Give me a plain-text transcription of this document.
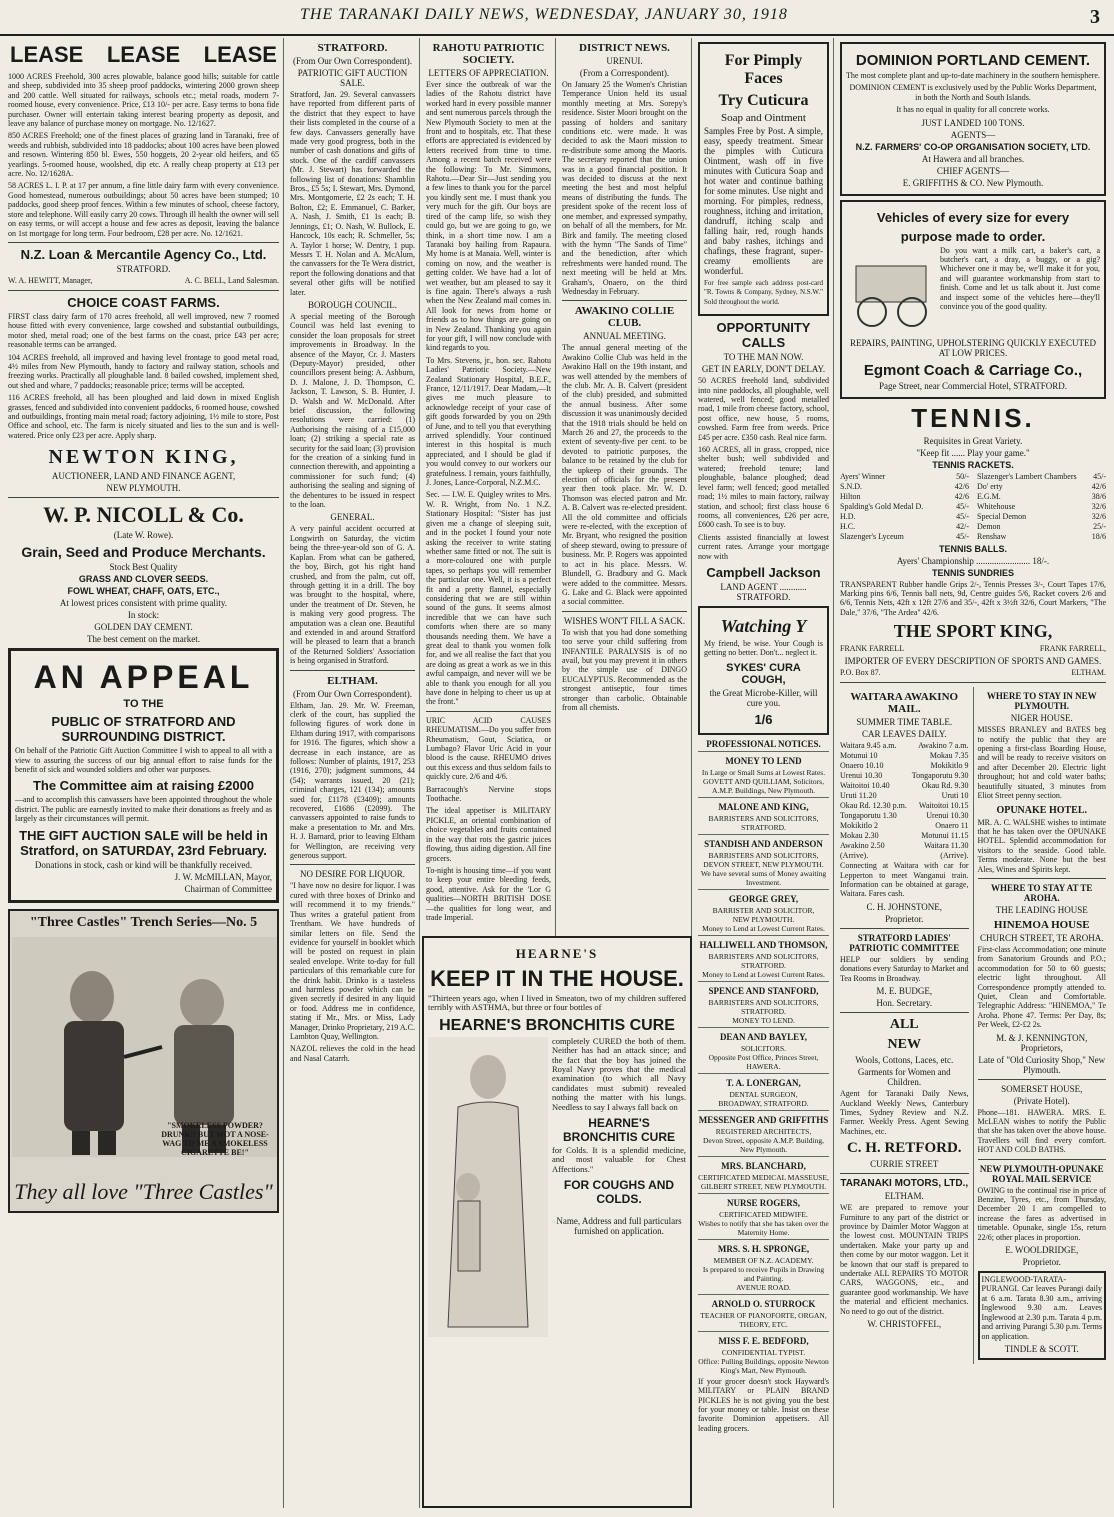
THE TARANAKI DAILY NEWS, WEDNESDAY, JANUARY 30, 1918	3
LEASE LEASE LEASE

1000 ACRES Freehold, 300 acres plowable, balance good hills; suitable for cattle and sheep, subdivided into 35 sheep proof paddocks, wintering 2000 grown sheep and 200 cattle. Well situated for railways, schools etc.; metal roads, modern 7-roomed house, every convenience. Price, £13 10/- per acre. Easy terms to bona fide purchaser. Owner will entertain taking interest bearing property as deposit, and leave any balance of purchase money on mortgage. No. 12/1627.

850 ACRES Freehold; one of the finest places of grazing land in Taranaki, free of weeds and rubbish, subdivided into 18 paddocks; about 100 acres have been plowed and resown. Wintering 850 bl. Ewes, 550 hoggets, 20 2-year old heifers, and 65 yearlings. 5-roomed house, woolshed, dip etc. A really cheap property at £13 per acre. No. 12/1628A.

58 ACRES L. I. P. at 17 per annum, a fine little dairy farm with every convenience. Good homestead, numerous outbuildings; about 50 acres have been stumped; 10 paddocks, good sheep proof fences. Within a few minutes of school, cheese factory, store and telephone. Will easily carry 20 cows. Through ill health the owner will sell on easy terms, or will accept a house and few acres as deposit, leaving the balance on 1st mortgage for long term. Four bedroom, £28 per acre. No. 12/1621.

N.Z. Loan & Mercantile Agency Co., Ltd.
STRATFORD.
W. A. HEWITT, Manager,	A. C. BELL, Land Salesman.
CHOICE COAST FARMS.

FIRST class dairy farm of 170 acres freehold, all well improved, new 7 roomed house fitted with every convenience, large cowshed and substantial outbuildings, motor shed, metal road; one of the best farms on the coast, price £43 per acre; reasonable terms can be arranged.

104 ACRES freehold, all improved and having level frontage to good metal road, 4½ miles from New Plymouth, handy to factory and railway station, schools and freezing works. Practically all ploughable land. 8 bailed cowshed, implement shed, out shed and whare, 7 paddocks; reasonable price; terms will be accepted.

116 ACRES freehold, all has been ploughed and laid down in mixed English grasses, fenced and subdivided into convenient paddocks, 6 roomed house, cowshed and outbuildings, fronting main metal road; factory adjoining, 1½ mile to store, Post Office and school, etc. The farm is nicely situated and lies to the sun and is well-watered. Price only £23 per acre. Apply sharp.

NEWTON KING,
AUCTIONEER, LAND AND FINANCE AGENT,
NEW PLYMOUTH.
W. P. NICOLL & Co.
(Late W. Rowe).
Grain, Seed and Produce Merchants.
Stock Best Quality
GRASS AND CLOVER SEEDS.
FOWL WHEAT, CHAFF, OATS, ETC.,
At lowest prices consistent with prime quality.
In stock:
GOLDEN DAY CEMENT.
The best cement on the market.
AN APPEAL
TO THE
PUBLIC OF STRATFORD AND SURROUNDING DISTRICT.

On behalf of the Patriotic Gift Auction Committee I wish to appeal to all with a view to assuring the success of our big annual effort to raise funds for the benefit of sick and wounded soldiers and other war purposes.

The Committee aim at raising £2000

—and to accomplish this canvassers have been appointed throughout the whole district. The public are earnestly invited to make their donations as freely and as largely as their circumstances will permit.

THE GIFT AUCTION SALE will be held in Stratford, on SATURDAY, 23rd February.
Donations in stock, cash or kind will be thankfully received.
J. W. McMILLAN, Mayor,
Chairman of Committee
"Three Castles" Trench Series—No. 5
"SMOKELESS POWDER? DRUNK!! BUT WOT A NOSE-WAG TO ME A SMOKELESS CIGARETTE BE!"
They all love "Three Castles"
STRATFORD.
(From Our Own Correspondent).
PATRIOTIC GIFT AUCTION SALE.

Stratford, Jan. 29. Several canvassers have reported from different parts of the district that they expect to have their lists completed in the course of a few days. Canvassers generally have made very good progress, both in the number of cash donations and gifts of stock. One of the cardiff canvassers (Mr. J. Stewart) has forwarded the following list of donations: Shamblin Bros., £5 5s; I. Stewart, Mrs. Dymond, Mrs. Montgomerie, £2 2s each; T. H. Bolton, £2; E. Emmanuel, C. Barker, A. Nash, J. Smith, £1 1s each; B. Jennings, £1; O. Nash, W. Bullock, E. Hancock, 10s each; R. Schmeller, 5s; A. Taylor 1 horse; W. Dentry, 1 pup. Messrs T. H. Nolan and A. McAlum, the canvassers for the Te Wera district, report the following donations and that several other gifts will be notified later.

BOROUGH COUNCIL.

A special meeting of the Borough Council was held last evening to consider the loan proposals for street improvements in Broadway. In the absence of the Mayor, Cr. J. Masters (Deputy-Mayor) presided, other councillors present being: A. Ashburn, D. J. Malone, J. D. Thompson, C. Jackson, T. Lawson, S. B. Hunter, J. D. Walsh and W. McDonald. After brief discussion, the following resolutions were carried: (1) Authorising the raising of a £15,000 loan; (2) striking a special rate as security for the said loan; (3) provision for the creation of a sinking fund in connection therewith, and appointing a commissioner for such fund; (4) authorising the sealing and signing of the debentures to be issued in respect to the loan.

GENERAL.

A very painful accident occurred at Longwirth on Saturday, the victim being the three-year-old son of G. A. Kaplan. From what can be gathered, the boy, Birch, got his right hand crushed, and from the palm, cut off, through getting it in a drill. The boy was brought to the hospital, where, under the treatment of Dr. Steven, he is making very good progress. The amputation was a clean one. Beautiful and extended in and around Stratford will be pleased to learn that a branch of the Returned Soldiers' Association is being organised in Stratford.

ELTHAM.
(From Our Own Correspondent).

Eltham, Jan. 29. Mr. W. Freeman, clerk of the court, has supplied the following figures of work done in Eltham during 1917, with comparisons for 1916. The figures, which show a decrease in each instance, are as follows: Number of plaints, 1917, 253 (1916, 270); judgment summons, 44 (54); warrants issued, 20 (21); criminal charges, 121 (134); amounts sued for, £1178 (£3409); amounts recovered, £1686 (£2099). The canvassers appointed to raise funds to make a presentation to Mr. and Mrs. H. J. Barnard, prior to leaving Eltham for Wellington, are receiving very generous support.

NO DESIRE FOR LIQUOR.

"I have now no desire for liquor. I was cured with three boxes of Drinko and will recommend it to my friends." Thus writes a grateful patient from Trentham. We have hundreds of similar letters on file. Send the evidence for yourself in booklet which will be posted on request in plain sealed envelope. Write to-day for full particulars of this remarkable cure for the drink habit. Drinko is a tasteless and harmless powder which can be given secretly if desired in any liquid or food. Address me in confidence, stating if Mr., Mrs. or Miss, Lady Manager, Drinko Proprietary, 219 A.C. Lambton Quay, Wellington.

NAZOL relieves the cold in the head and Nasal Catarrh.

RAHOTU PATRIOTIC SOCIETY.
LETTERS OF APPRECIATION.

Ever since the outbreak of war the ladies of the Rahotu district have worked hard in every possible manner and sent numerous parcels through the New Plymouth Society to men at the front and to hospitals, etc. That these efforts are appreciated is evidenced by letters received from time to time. Among a recent batch received were the following: To Mr. Simmons, Rahotu.—Dear Sir—Just sending you a few lines to thank you for the parcel you kindly sent me. I must thank you very much for the gift. Our boys are tired of the camp life, so wish they could go, but we are going to go, we think, in a short time now. I am a Taranaki boy hailing from Rapaura. My home is at Manaia. Well, winter is coming on now, and the weather is getting colder. We have had a lot of wet weather, but am pleased to say it is fine again. There's always a rush when the New Zealand mail comes in. All look for news from home or friends as to how things are going on in New Zealand. Thanking you again for your gift, I will now conclude with kind regards to you.

To Mrs. Stevens, jr., hon. sec. Rahotu Ladies' Patriotic Society.—New Zealand Stationary Hospital, B.E.F., France, 12/11/1917. Dear Madam,—It gives me much pleasure to acknowledge receipt of your case of gift goods forwarded by you on 29th of June, and to tell you that everything arrived splendidly. Your continued interest in this hospital is much appreciated, and I should be glad if you would convey to our workers our gratefulness. I remain, yours faithfully, J. Jones, Lance-Corporal, N.Z.M.C.

Sec. — I.W. E. Quigley writes to Mrs. W. R. Wright, from No. 1 N.Z. Stationary Hospital: "Sister has just given me a change of sleeping suit, and in the pocket I found your note asking the receiver to write stating whether same fitted or not. The suit is a more-coloured one with purple tapes, so perhaps you will remember the particular one. Well, it is a perfect fit and a pretty flannel, especially considering that we are still within sound of the guns. It seems almost incredible that we can have such comforts when there are so many thousands needing them. We have a great deal to thank you women folk for, and we all realise the fact that you are doing as great a work as we in this awful campaign, and never will we be able to thank you enough for all you have done in helping to cheer us up at the front."

URIC ACID CAUSES RHEUMATISM.—Do you suffer from Rheumatism, Gout, Sciatica, or Lumbago? Flavor Uric Acid in your blood is the cause. RHEUMO drives out this excess and thus seldom fails to quickly cure. 2/6 and 4/6.

Barracough's Nervine stops Toothache.

The ideal appetiser is MILITARY PICKLE, an oriental combination of choice vegetables and fruits contained in the way that rots the gastric juices flowing, thus aiding digestion. All fine grocers.

To-night is housing time—if you want to keep your entire bleeding feeds, good, attentive. Ask for the 'Lor G qualities—NORTH BRITISH DOSE—the qualities for long wear, and trade Imperial.

DISTRICT NEWS.
URENUI.
(From a Correspondent).

On January 25 the Women's Christian Temperance Union held its usual monthly meeting at Mrs. Sorepy's residence. Sister Moori brought on the passing of holders and sanitary conditions etc. were made. It was decided to ask the Maori mission to re-distribute some among the Maoris. The secretary reported that the union was in a good financial position. It was decided to discuss at the next meeting the best and most helpful means of distributing the funds. The president spoke of the recent loss of one member, and expressed sympathy, on behalf of all the members, for Mr. Birk and family. The meeting closed with the hymn "The Sands of Time" and the benediction, after which refreshments were handed round. The next meeting will be held at Mrs. Graham's, Onaero, on the third Wednesday in February.

AWAKINO COLLIE CLUB.
ANNUAL MEETING.

The annual general meeting of the Awakino Collie Club was held in the Awakino Hall on the 19th instant, and was well attended by the members of the club. Mr. A. B. Calvert (president of the club) presided, and submitted the annual business. After some discussion it was unanimously decided that the 1918 trials should be held on March 26 and 27, the proceeds to the extent of seventy-five per cent. to be devoted to patriotic purposes, the balance to be retained by the club for the upkeep of their grounds. The election of officials for the present year then took place. Mr. W. D. Thomson was elected patron and Mr. A. B. Calvert was re-elected president. All the old committee and officials were re-elected, with the exception of Mr. Bryant, who resigned the position of sheep steward, owing to pressure of business. Mr. P. Rogers was appointed to act in his place. Messrs. W. Blundell, G. Bradbury and G. Mack were added to the committee. Messrs. G. Lake and G. Black were appointed a social committee.

WISHES WON'T FILL A SACK.

To wish that you had done something too serve your child suffering from INFANTILE PARALYSIS is of no avail, but you may prevent it in others by the simple use of DINGO EUCALYPTUS. Recommended as the strongest antiseptic, four times stronger than carbolic. Obtainable from all chemists.

HEARNE'S
KEEP IT IN THE HOUSE.

"Thirteen years ago, when I lived in Smeaton, two of my children suffered terribly with ASTHMA, but three or four bottles of

HEARNE'S BRONCHITIS CURE

completely CURED the both of them. Neither has had an attack since; and the fact that the boy has joined the Royal Navy proves that the medical examination (to which all Navy candidates must submit) revealed nothing the matter with his lungs. Needless to say I always fall back on

HEARNE'S BRONCHITIS CURE

for Colds. It is a splendid medicine, and most valuable for Chest Affections."

FOR COUGHS AND COLDS.
Name, Address and full particulars furnished on application.
For Pimply Faces
Try Cuticura
Soap and Ointment

Samples Free by Post. A simple, easy, speedy treatment. Smear the pimples with Cuticura Ointment, wash off in five minutes with Cuticura Soap and hot water and continue bathing for some minutes. Use night and morning. For pimples, redness, roughness, itching and irritation, dandruff, itching scalp and falling hair, red, rough hands and baby rashes, itchings and chafings, these fragrant, super-creamy emollients are wonderful.

For free sample each address post-card "R. Towns & Company, Sydney, N.S.W." Sold throughout the world.

OPPORTUNITY CALLS
TO THE MAN NOW.
GET IN EARLY, DON'T DELAY.

50 ACRES freehold land, subdivided into nine paddocks, all ploughable, well watered, well fenced; good metalled road, 1 mile from cheese factory, school, post office, new house, 5 rooms, cowshed. Farm free from weeds. Price £45 per acre. £350 cash. Real nice farm.

160 ACRES, all in grass, cropped, nice shelter bush; well subdivided and watered; freehold tenure; land ploughable, balance ploughed; dead level farm; well fenced; good metalled road; 1½ miles to main factory, railway station, and school; first class house 6 rooms, all conveniences, £26 per acre, £600 cash. To see is to buy.

Clients assisted financially at lowest current rates. Arrange your mortgage now with

Campbell Jackson
LAND AGENT ............ STRATFORD.
Watching Y

My friend, be wise. Your Cough is getting no better. Don't... neglect it.

SYKES' CURA COUGH,
the Great Microbe-Killer, will cure you.
1/6
PROFESSIONAL NOTICES.
MONEY TO LEND
In Large or Small Sums at Lowest Rates.
GOVETT AND QUILLIAM, Solicitors,
A.M.P. Buildings, New Plymouth.
MALONE AND KING,
BARRISTERS AND SOLICITORS,
STRATFORD.
STANDISH AND ANDERSON
BARRISTERS AND SOLICITORS,
DEVON STREET, NEW PLYMOUTH.
We have several sums of Money awaiting Investment.
GEORGE GREY,
BARRISTER AND SOLICITOR,
NEW PLYMOUTH.
Money to Lend at Lowest Current Rates.
HALLIWELL AND THOMSON,
BARRISTERS AND SOLICITORS,
STRATFORD.
Money to Lend at Lowest Current Rates.
SPENCE AND STANFORD,
BARRISTERS AND SOLICITORS,
STRATFORD.
MONEY TO LEND.
DEAN AND BAYLEY,
SOLICITORS.
Opposite Post Office, Princes Street, HAWERA.
T. A. LONERGAN,
DENTAL SURGEON,
BROADWAY, STRATFORD.
MESSENGER AND GRIFFITHS
REGISTERED ARCHITECTS,
Devon Street, opposite A.M.P. Building, New Plymouth.
MRS. BLANCHARD,
CERTIFICATED MEDICAL MASSEUSE,
GILBERT STREET, NEW PLYMOUTH.
NURSE ROGERS,
CERTIFICATED MIDWIFE.
Wishes to notify that she has taken over the Maternity Home.
MRS. S. H. SPRONGE,
MEMBER OF N.Z. ACADEMY.
Is prepared to receive Pupils in Drawing and Painting.
AVENUE ROAD.
ARNOLD O. STURROCK
TEACHER OF PIANOFORTE, ORGAN, THEORY, ETC.
MISS F. E. BEDFORD,
CONFIDENTIAL TYPIST.
Office: Pulling Buildings, opposite Newton King's Mart, New Plymouth.

If your grocer doesn't stock Hayward's MILITARY or PLAIN BRAND PICKLES he is not giving you the best for your money or table. Insist on these favorite Dominion appetisers. All leading grocers.

DOMINION PORTLAND CEMENT.

The most complete plant and up-to-date machinery in the southern hemisphere.

DOMINION CEMENT is exclusively used by the Public Works Department, in both the North and South Islands.

It has no equal in quality for all concrete works.

JUST LANDED 100 TONS.
AGENTS—
N.Z. FARMERS' CO-OP ORGANISATION SOCIETY, LTD.
At Hawera and all branches.
CHIEF AGENTS—
E. GRIFFITHS & CO. New Plymouth.
Vehicles of every size for every
purpose made to order.

Do you want a milk cart, a baker's cart, a butcher's cart, a dray, a buggy, or a gig? Whichever one it may be, we'll make it for you, and will guarantee workmanship from start to finish. Come and let us talk about it. Just come and inspect some of the vehicles here—they'll convince you of the good quality.

REPAIRS, PAINTING, UPHOLSTERING QUICKLY EXECUTED AT LOW PRICES.
Egmont Coach & Carriage Co.,
Page Street, near Commercial Hotel, STRATFORD.
TENNIS.
Requisites in Great Variety.
"Keep fit ...... Play your game."
TENNIS RACKETS.
Ayers' Winner	50/-
S.N.D.	42/6
Hilton	42/6
Spalding's Gold Medal D.	45/-
H.D.	45/-
H.C.	42/-
Slazenger's Lyceum	45/-
Slazenger's Lambert Chambers 45/-
Do' erty	42/6
E.G.M.	38/6
Whitehouse	32/6
Special Demon	32/6
Demon	25/-
Renshaw	18/6
TENNIS BALLS.
Ayers' Championship ........................ 18/-.
TENNIS SUNDRIES

TRANSPARENT Rubber handle Grips 2/-, Tennis Presses 3/-, Court Tapes 17/6, Marking pins 6/6, Tennis ball nets, 9d, Centre guides 5/6, Racket covers 2/6 and 6/6, Tennis Nets, 42ft x 12ft 27/6 and 35/-, 42ft x 3½ft 32/6, Court Markers, "The Dale," 37/6, "The Ardea" 42/6.

THE SPORT KING,
FRANK FARRELL	FRANK FARRELL,
IMPORTER OF EVERY DESCRIPTION OF SPORTS AND GAMES.
P.O. Box 87.	ELTHAM.
WAITARA AWAKINO MAIL.
SUMMER TIME TABLE.
CAR LEAVES DAILY.
Waitara 9.45 a.m.	Awakino 7 a.m.
Motunui 10	Mokau 7.35
Onaero 10.10	Mokikitlo 9
Urenui 10.30	Tongaporutu 9.30
Waitoitoi 10.40	Okau Rd. 9.30
Uruti 11.20	Uruti 10
Okau Rd. 12.30 p.m. Waitoitoi 10.15
Tongaporutu 1.30	Urenui 10.30
Mokikitlo 2	Onaero 11
Mokau 2.30	Motunui 11.15
Awakino 2.50	Waitara 11.30
(Arrive).	(Arrive).

Connecting at Waitara with car for Lepperton to meet Wanganui train. Information can be obtained at garage, Waitara. Fares cash.

C. H. JOHNSTONE,
Proprietor.
STRATFORD LADIES' PATRIOTIC COMMITTEE

HELP our soldiers by sending donations every Saturday to Market and Tea Rooms in Broadway.

M. E. BUDGE,
Hon. Secretary.
ALL
NEW
Wools, Cottons, Laces, etc.
Garments for Women and Children.

Agent for Taranaki Daily News, Auckland Weekly News, Canterbury Times, Sydney Review and N.Z. Farmer. Weekly Press. Agent Sewing Machines, etc.

C. H. RETFORD.
CURRIE STREET
TARANAKI MOTORS, LTD.,
ELTHAM.

WE are prepared to remove your Furniture to any part of the district or province by Daimler Motor Waggon at the lowest cost. MOUNTAIN TRIPS undertaken. Make your party up and then come by our motor waggon. Let it be known that our staff is prepared to undertake ALL REPAIRS TO MOTOR CARS, WAGGONS, etc., and guarantee good workmanship. We have the material and efficient mechanics. No need to go out of the district.

W. CHRISTOFFEL,
WHERE TO STAY IN NEW PLYMOUTH.
NIGER HOUSE.

MISSES BRANLEY and BATES beg to notify the public that they are opening a first-class Boarding House, and will be ready to receive visitors on and after December 20. Electric light throughout; hot and cold water baths; beautifully situated, 3 minutes from Eliot Street penny section.

OPUNAKE HOTEL.

MR. A. C. WALSHE wishes to intimate that he has taken over the OPUNAKE HOTEL. Splendid accommodation for visitors to the seaside. Good table. Terms moderate. None but the best Ales, Wines and Spirits kept.

WHERE TO STAY AT TE AROHA.
THE LEADING HOUSE
HINEMOA HOUSE
CHURCH STREET, TE AROHA.

First-class Accommodation; one minute from Sanatorium Grounds and P.O.; accommodation for 50 to 60 guests; electric light throughout. All Correspondence promptly attended to. Quiet, Clean and Comfortable. Telegraphic Address: "HINEMOA," Te Aroha. Phone 47. Terms: Per Day, 8s; Per Week, £2-£2 2s.

M. & J. KENNINGTON, Proprietors,
Late of "Old Curiosity Shop," New Plymouth.
SOMERSET HOUSE,
(Private Hotel).

Phone—181. HAWERA. MRS. E. McLEAN wishes to notify the Public that she has taken over the above house. Travellers will find every comfort. HOT AND COLD BATHS.

NEW PLYMOUTH-OPUNAKE ROYAL MAIL SERVICE

OWING to the continual rise in price of Benzine, Tyres, etc., from Thursday, December 20 I am compelled to increase the fares as advertised in timetable. Opunake, single 15s, return 22/6; other places in proportion.

E. WOOLDRIDGE,
Proprietor.

INGLEWOOD-TARATA-PURANGI. Car leaves Purangi daily at 6 a.m. Tarata 8.30 a.m., arriving Inglewood 9.30 a.m. Leaves Inglewood at 2.30 p.m. Tarata 4 p.m. and arriving Purangi 5.30 p.m. Terms on application.

TINDLE & SCOTT.
